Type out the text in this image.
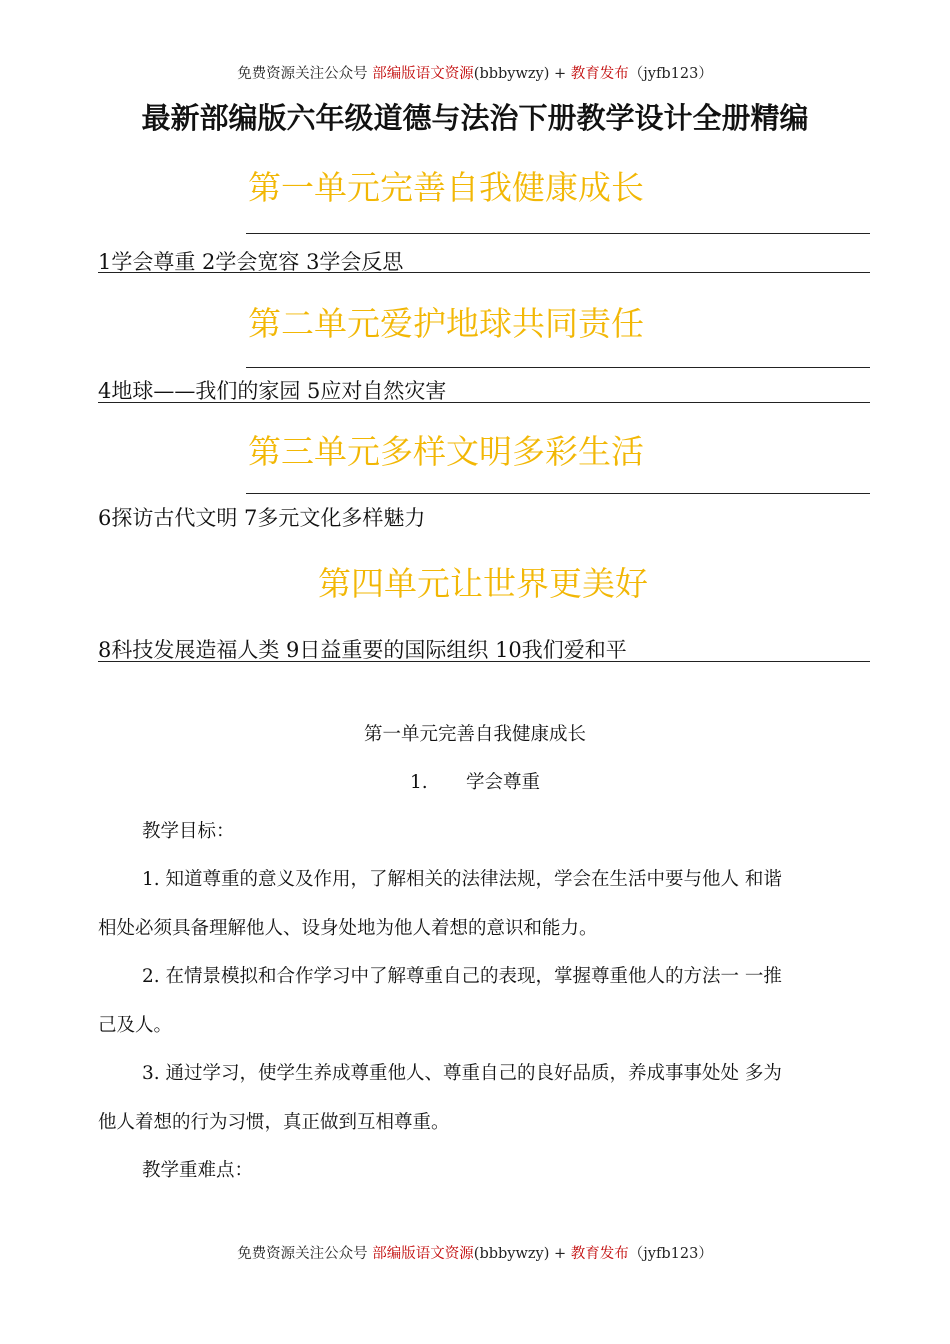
免费资源关注公众号 部编版语文资源(bbbywzy) + 教育发布（jyfb123）
最新部编版六年级道德与法治下册教学设计全册精编
第一单元完善自我健康成长
1学会尊重 2学会宽容 3学会反思
第二单元爱护地球共同责任
4地球——我们的家园 5应对自然灾害
第三单元多样文明多彩生活
6探访古代文明 7多元文化多样魅力
第四单元让世界更美好
8科技发展造福人类 9日益重要的国际组织 10我们爱和平
第一单元完善自我健康成长
1. 学会尊重
教学目标：
1. 知道尊重的意义及作用，了解相关的法律法规，学会在生活中要与他人 和谐
相处必须具备理解他人、设身处地为他人着想的意识和能力。
2. 在情景模拟和合作学习中了解尊重自己的表现，掌握尊重他人的方法一 一推
己及人。
3. 通过学习，使学生养成尊重他人、尊重自己的良好品质，养成事事处处 多为
他人着想的行为习惯，真正做到互相尊重。
教学重难点：
免费资源关注公众号 部编版语文资源(bbbywzy) + 教育发布（jyfb123）
